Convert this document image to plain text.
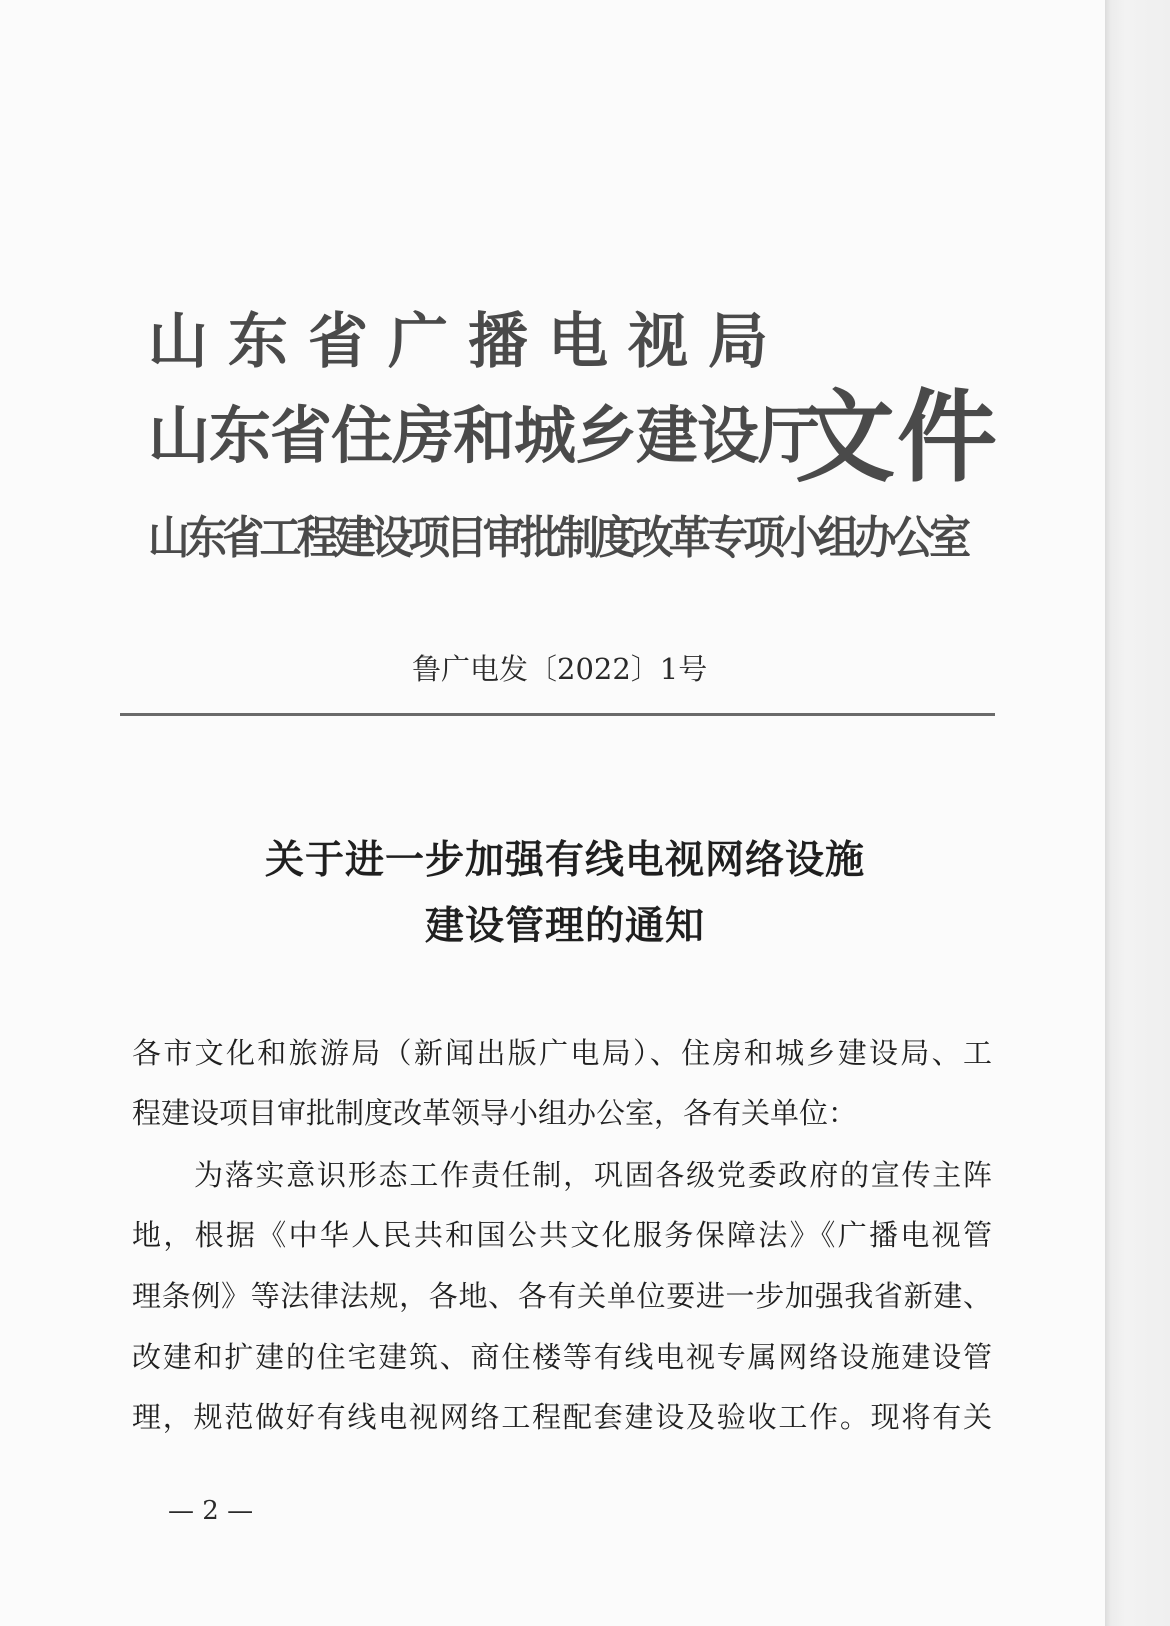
山东省广播电视局
山东省住房和城乡建设厅
山东省工程建设项目审批制度改革专项小组办公室
文件
鲁广电发〔2022〕1号
关于进一步加强有线电视网络设施
建设管理的通知
各市文化和旅游局（新闻出版广电局）、住房和城乡建设局、工
程建设项目审批制度改革领导小组办公室，各有关单位：
为落实意识形态工作责任制，巩固各级党委政府的宣传主阵
地，根据《中华人民共和国公共文化服务保障法》《广播电视管
理条例》等法律法规，各地、各有关单位要进一步加强我省新建、
改建和扩建的住宅建筑、商住楼等有线电视专属网络设施建设管
理，规范做好有线电视网络工程配套建设及验收工作。现将有关
— 2 —
